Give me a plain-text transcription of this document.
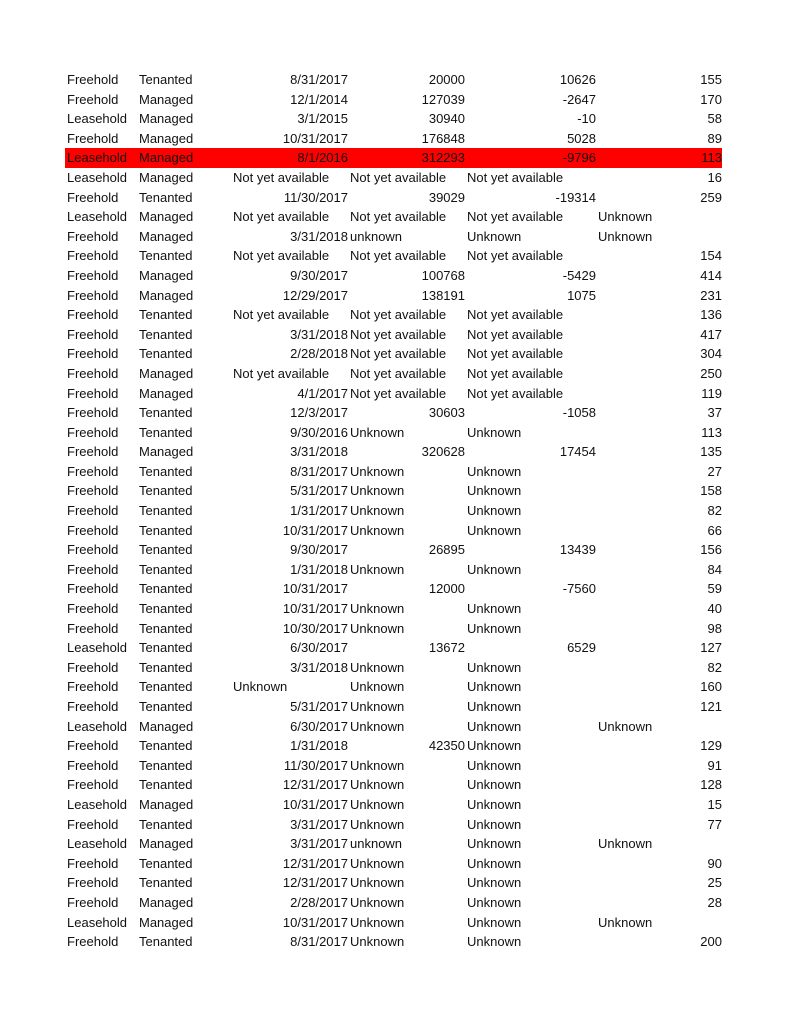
Freehold	Tenanted	8/31/2017	20000	10626		155
Freehold	Managed	12/1/2014	127039	-2647		170
Leasehold	Managed	3/1/2015	30940	-10		58
Freehold	Managed	10/31/2017	176848	5028		89
Leasehold	Managed	8/1/2016	312293	-9796		113
Leasehold	Managed	Not yet available	Not yet available	Not yet available		16
Freehold	Tenanted	11/30/2017	39029	-19314		259
Leasehold	Managed	Not yet available	Not yet available	Not yet available	Unknown	
Freehold	Managed	3/31/2018	unknown	Unknown	Unknown	
Freehold	Tenanted	Not yet available	Not yet available	Not yet available		154
Freehold	Managed	9/30/2017	100768	-5429		414
Freehold	Managed	12/29/2017	138191	1075		231
Freehold	Tenanted	Not yet available	Not yet available	Not yet available		136
Freehold	Tenanted	3/31/2018	Not yet available	Not yet available		417
Freehold	Tenanted	2/28/2018	Not yet available	Not yet available		304
Freehold	Managed	Not yet available	Not yet available	Not yet available		250
Freehold	Managed	4/1/2017	Not yet available	Not yet available		119
Freehold	Tenanted	12/3/2017	30603	-1058		37
Freehold	Tenanted	9/30/2016	Unknown	Unknown		113
Freehold	Managed	3/31/2018	320628	17454		135
Freehold	Tenanted	8/31/2017	Unknown	Unknown		27
Freehold	Tenanted	5/31/2017	Unknown	Unknown		158
Freehold	Tenanted	1/31/2017	Unknown	Unknown		82
Freehold	Tenanted	10/31/2017	Unknown	Unknown		66
Freehold	Tenanted	9/30/2017	26895	13439		156
Freehold	Tenanted	1/31/2018	Unknown	Unknown		84
Freehold	Tenanted	10/31/2017	12000	-7560		59
Freehold	Tenanted	10/31/2017	Unknown	Unknown		40
Freehold	Tenanted	10/30/2017	Unknown	Unknown		98
Leasehold	Tenanted	6/30/2017	13672	6529		127
Freehold	Tenanted	3/31/2018	Unknown	Unknown		82
Freehold	Tenanted	Unknown	Unknown	Unknown		160
Freehold	Tenanted	5/31/2017	Unknown	Unknown		121
Leasehold	Managed	6/30/2017	Unknown	Unknown	Unknown	
Freehold	Tenanted	1/31/2018	42350	Unknown		129
Freehold	Tenanted	11/30/2017	Unknown	Unknown		91
Freehold	Tenanted	12/31/2017	Unknown	Unknown		128
Leasehold	Managed	10/31/2017	Unknown	Unknown		15
Freehold	Tenanted	3/31/2017	Unknown	Unknown		77
Leasehold	Managed	3/31/2017	unknown	Unknown	Unknown	
Freehold	Tenanted	12/31/2017	Unknown	Unknown		90
Freehold	Tenanted	12/31/2017	Unknown	Unknown		25
Freehold	Managed	2/28/2017	Unknown	Unknown		28
Leasehold	Managed	10/31/2017	Unknown	Unknown	Unknown	
Freehold	Tenanted	8/31/2017	Unknown	Unknown		200
